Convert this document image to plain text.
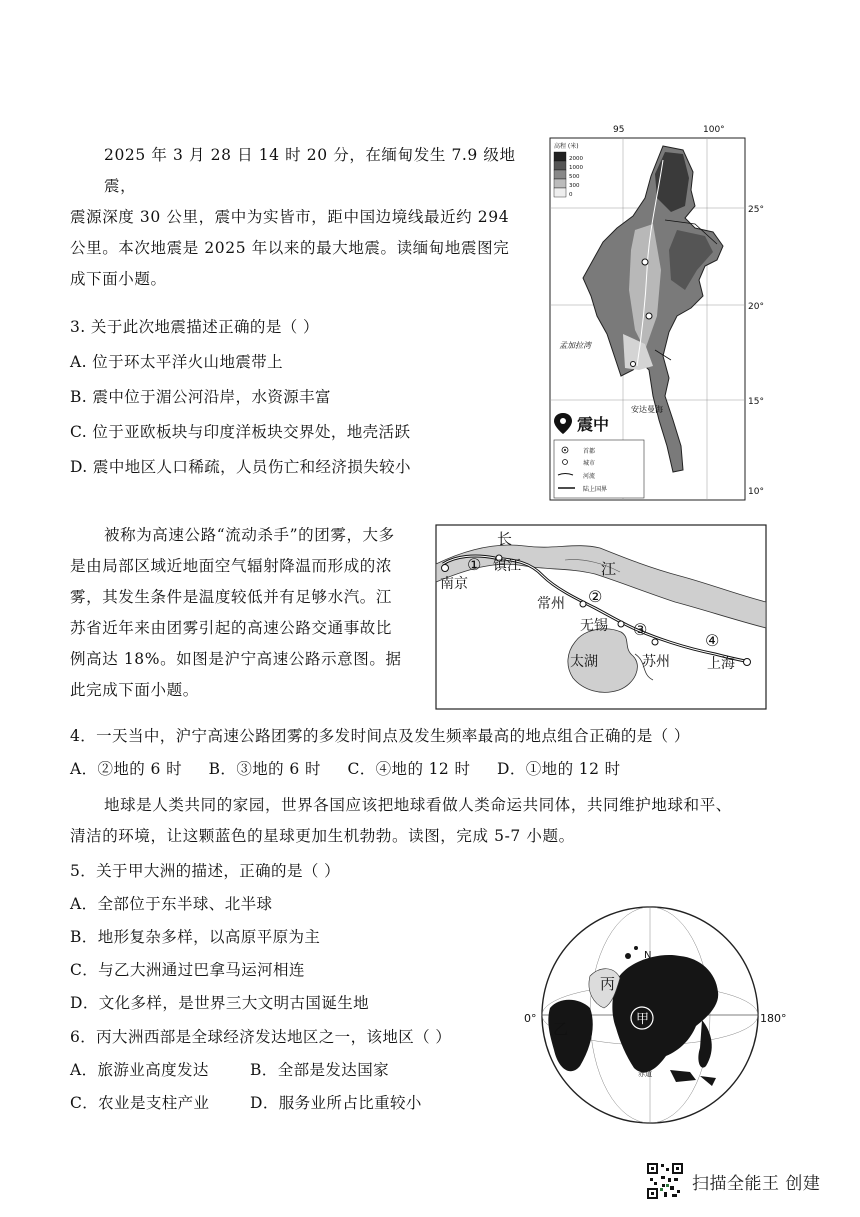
2025 年 3 月 28 日 14 时 20 分，在缅甸发生 7.9 级地震，
震源深度 30 公里，震中为实皆市，距中国边境线最近约 294
公里。本次地震是 2025 年以来的最大地震。读缅甸地震图完
成下面小题。
3. 关于此次地震描述正确的是（ ）
A. 位于环太平洋火山地震带上
B. 震中位于湄公河沿岸，水资源丰富
C. 位于亚欧板块与印度洋板块交界处，地壳活跃
D. 震中地区人口稀疏，人员伤亡和经济损失较小
95	100°
25°
20°
15°
10°
高程 (米)
2000
1000
500
300
0
孟加拉湾
安达曼海
震中
首都
城市
河流
陆上国界
被称为高速公路“流动杀手”的团雾，大多
是由局部区域近地面空气辐射降温而形成的浓
雾，其发生条件是温度较低并有足够水汽。江
苏省近年来由团雾引起的高速公路交通事故比
例高达 18%。如图是沪宁高速公路示意图。据
此完成下面小题。
长
江
南京
镇江
常州
无锡
太湖	苏州	上海
①
②
③
④
4．一天当中，沪宁高速公路团雾的多发时间点及发生频率最高的地点组合正确的是（ ）
A．②地的 6 时     B．③地的 6 时     C．④地的 12 时     D．①地的 12 时
地球是人类共同的家园，世界各国应该把地球看做人类命运共同体，共同维护地球和平、
清洁的环境，让这颗蓝色的星球更加生机勃勃。读图，完成 5-7 小题。
5．关于甲大洲的描述，正确的是（ ）
A．全部位于东半球、北半球
B．地形复杂多样，以高原平原为主
C．与乙大洲通过巴拿马运河相连
D．文化多样，是世界三大文明古国诞生地
6．丙大洲西部是全球经济发达地区之一，该地区（ ）
A．旅游业高度发达	B．全部是发达国家
C．农业是支柱产业	D．服务业所占比重较小
甲
丙
乙
N
0°	180°
赤道
扫描全能王 创建
